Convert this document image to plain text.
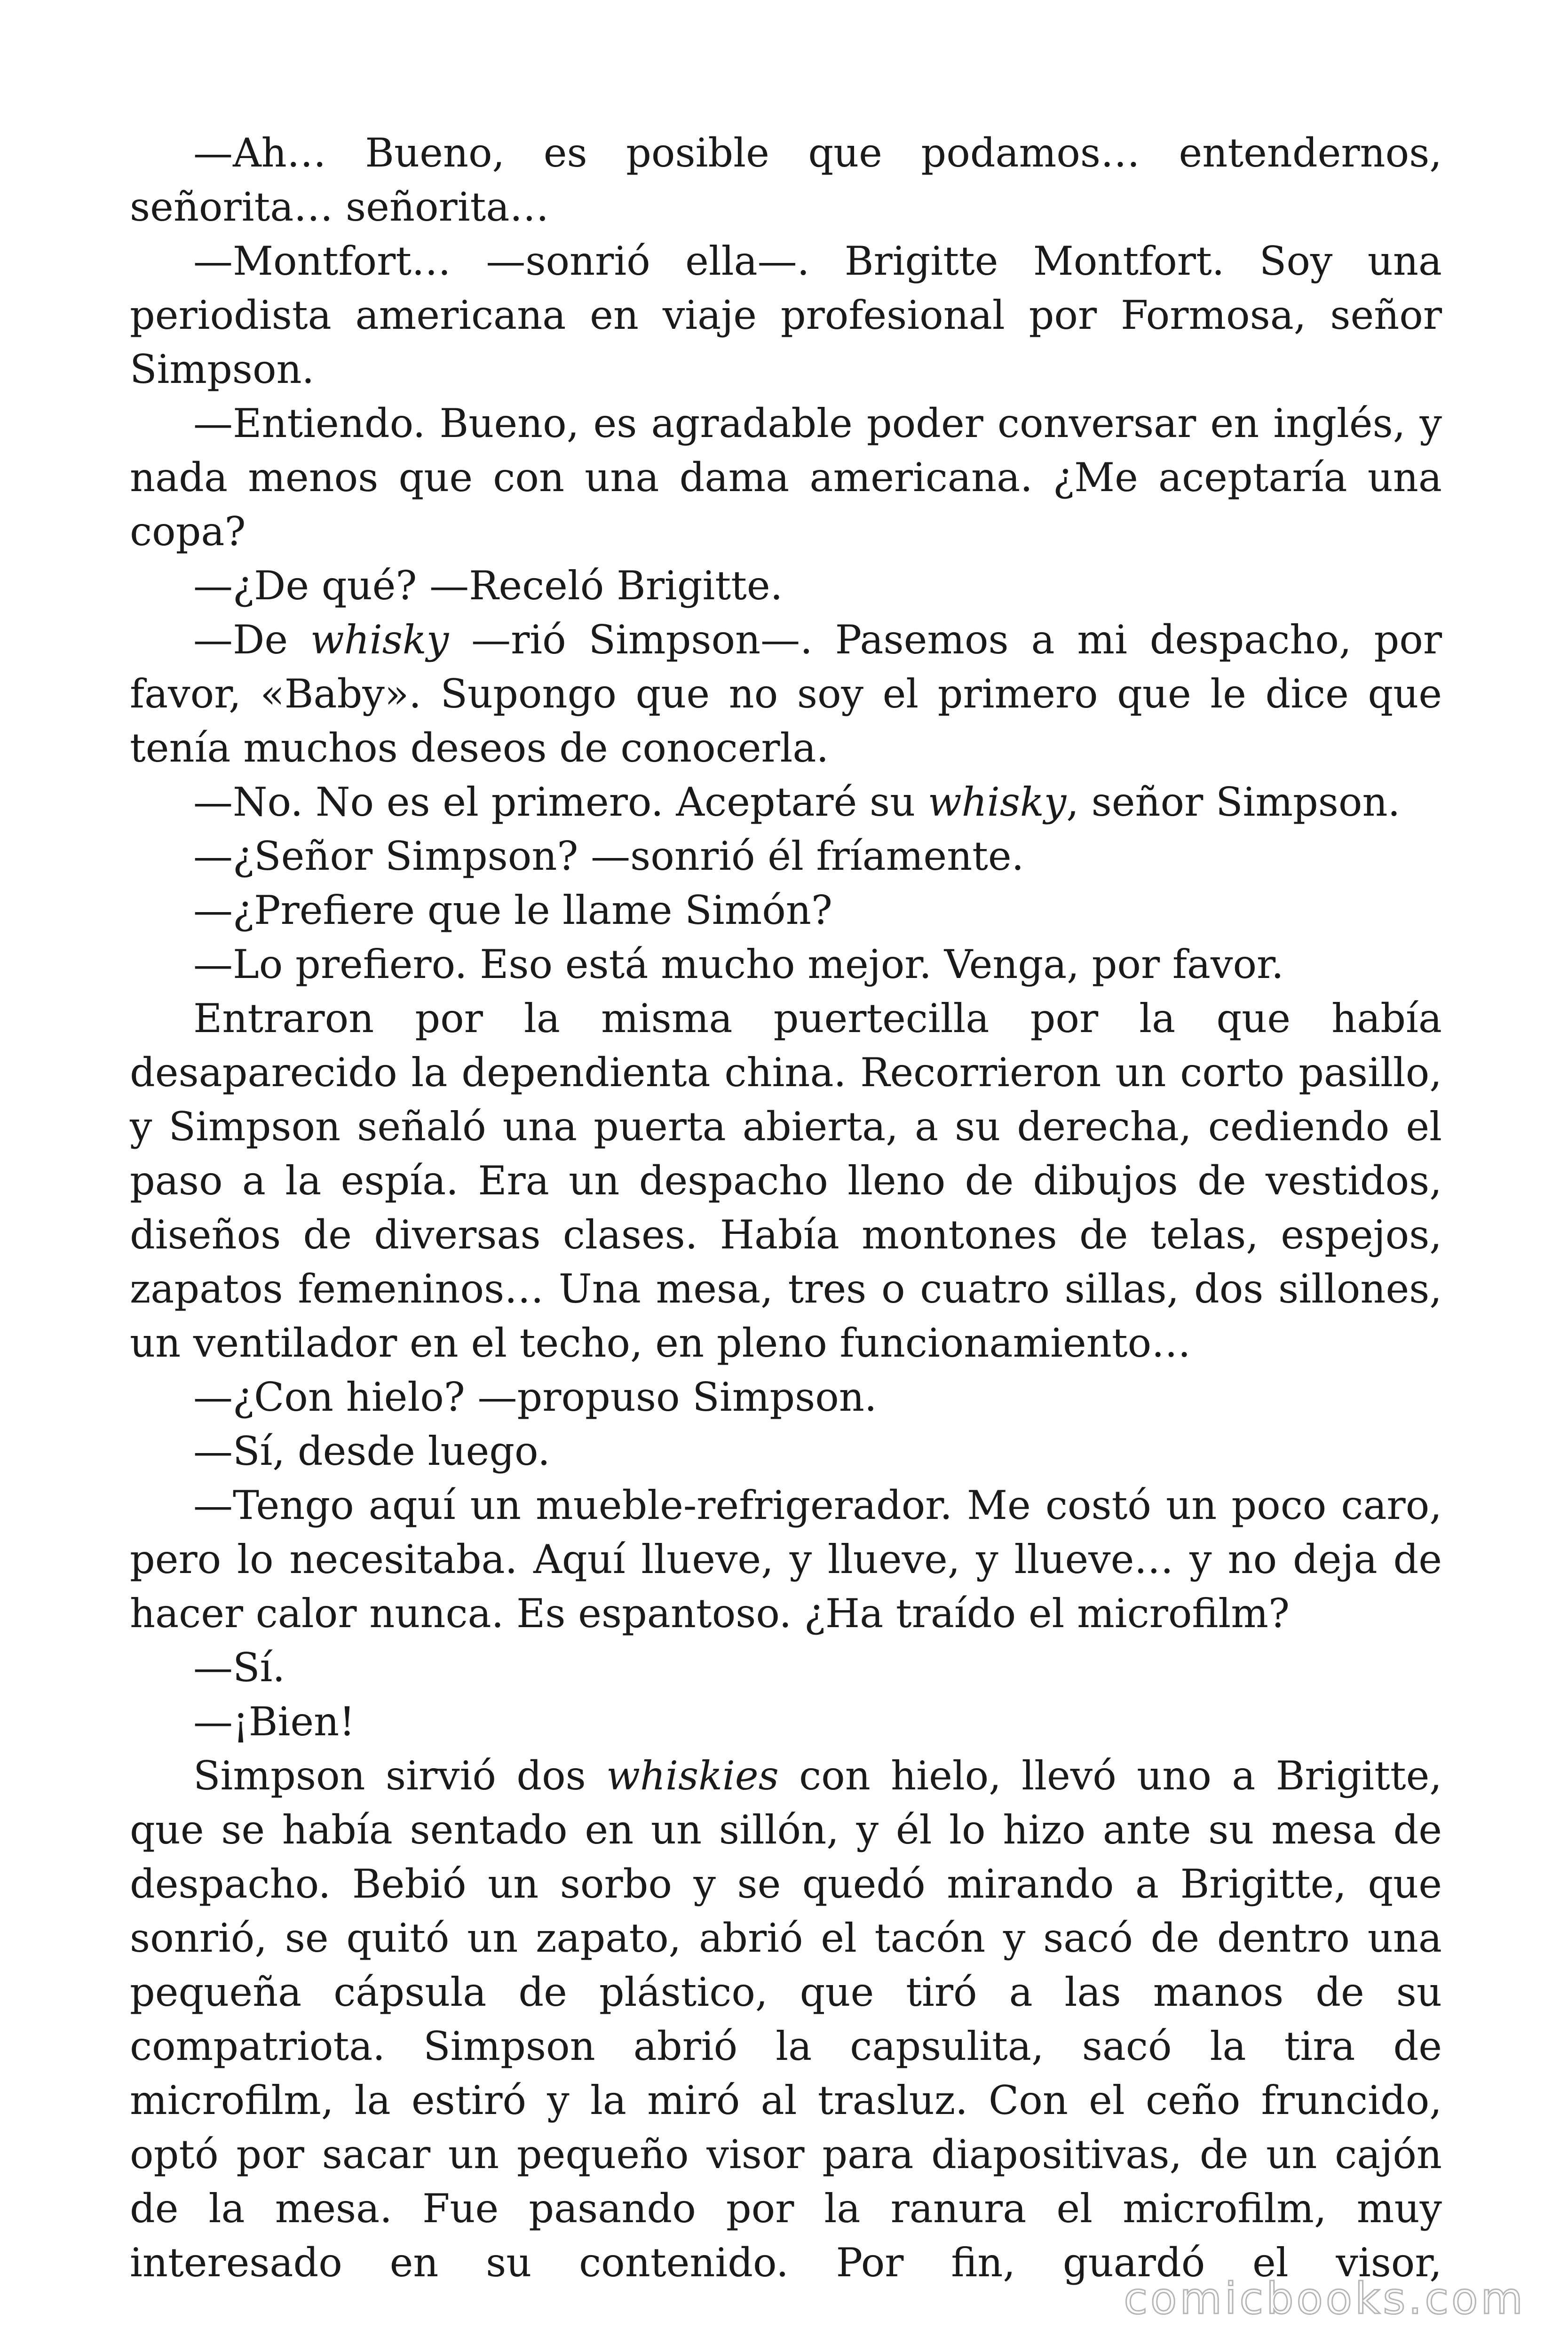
—Ah… Bueno, es posible que podamos… entendernos, señorita… señorita…

—Montfort… —sonrió ella—. Brigitte Montfort. Soy una periodista americana en viaje profesional por Formosa, señor Simpson.

—Entiendo. Bueno, es agradable poder conversar en inglés, y nada menos que con una dama americana. ¿Me aceptaría una copa?

—¿De qué? —Receló Brigitte.

—De whisky —rió Simpson—. Pasemos a mi despacho, por favor, «Baby». Supongo que no soy el primero que le dice que tenía muchos deseos de conocerla.

—No. No es el primero. Aceptaré su whisky, señor Simpson.

—¿Señor Simpson? —sonrió él fríamente.

—¿Prefiere que le llame Simón?

—Lo prefiero. Eso está mucho mejor. Venga, por favor.

Entraron por la misma puertecilla por la que había desaparecido la dependienta china. Recorrieron un corto pasillo, y Simpson señaló una puerta abierta, a su derecha, cediendo el paso a la espía. Era un despacho lleno de dibujos de vestidos, diseños de diversas clases. Había montones de telas, espejos, zapatos femeninos… Una mesa, tres o cuatro sillas, dos sillones, un ventilador en el techo, en pleno funcionamiento…

—¿Con hielo? —propuso Simpson.

—Sí, desde luego.

—Tengo aquí un mueble-refrigerador. Me costó un poco caro, pero lo necesitaba. Aquí llueve, y llueve, y llueve… y no deja de hacer calor nunca. Es espantoso. ¿Ha traído el microfilm?

—Sí.

—¡Bien!

Simpson sirvió dos whiskies con hielo, llevó uno a Brigitte, que se había sentado en un sillón, y él lo hizo ante su mesa de despacho. Bebió un sorbo y se quedó mirando a Brigitte, que sonrió, se quitó un zapato, abrió el tacón y sacó de dentro una pequeña cápsula de plástico, que tiró a las manos de su compatriota. Simpson abrió la capsulita, sacó la tira de microfilm, la estiró y la miró al trasluz. Con el ceño fruncido, optó por sacar un pequeño visor para diapositivas, de un cajón de la mesa. Fue pasando por la ranura el microfilm, muy interesado en su contenido. Por fin, guardó el visor,

comicbooks.com
